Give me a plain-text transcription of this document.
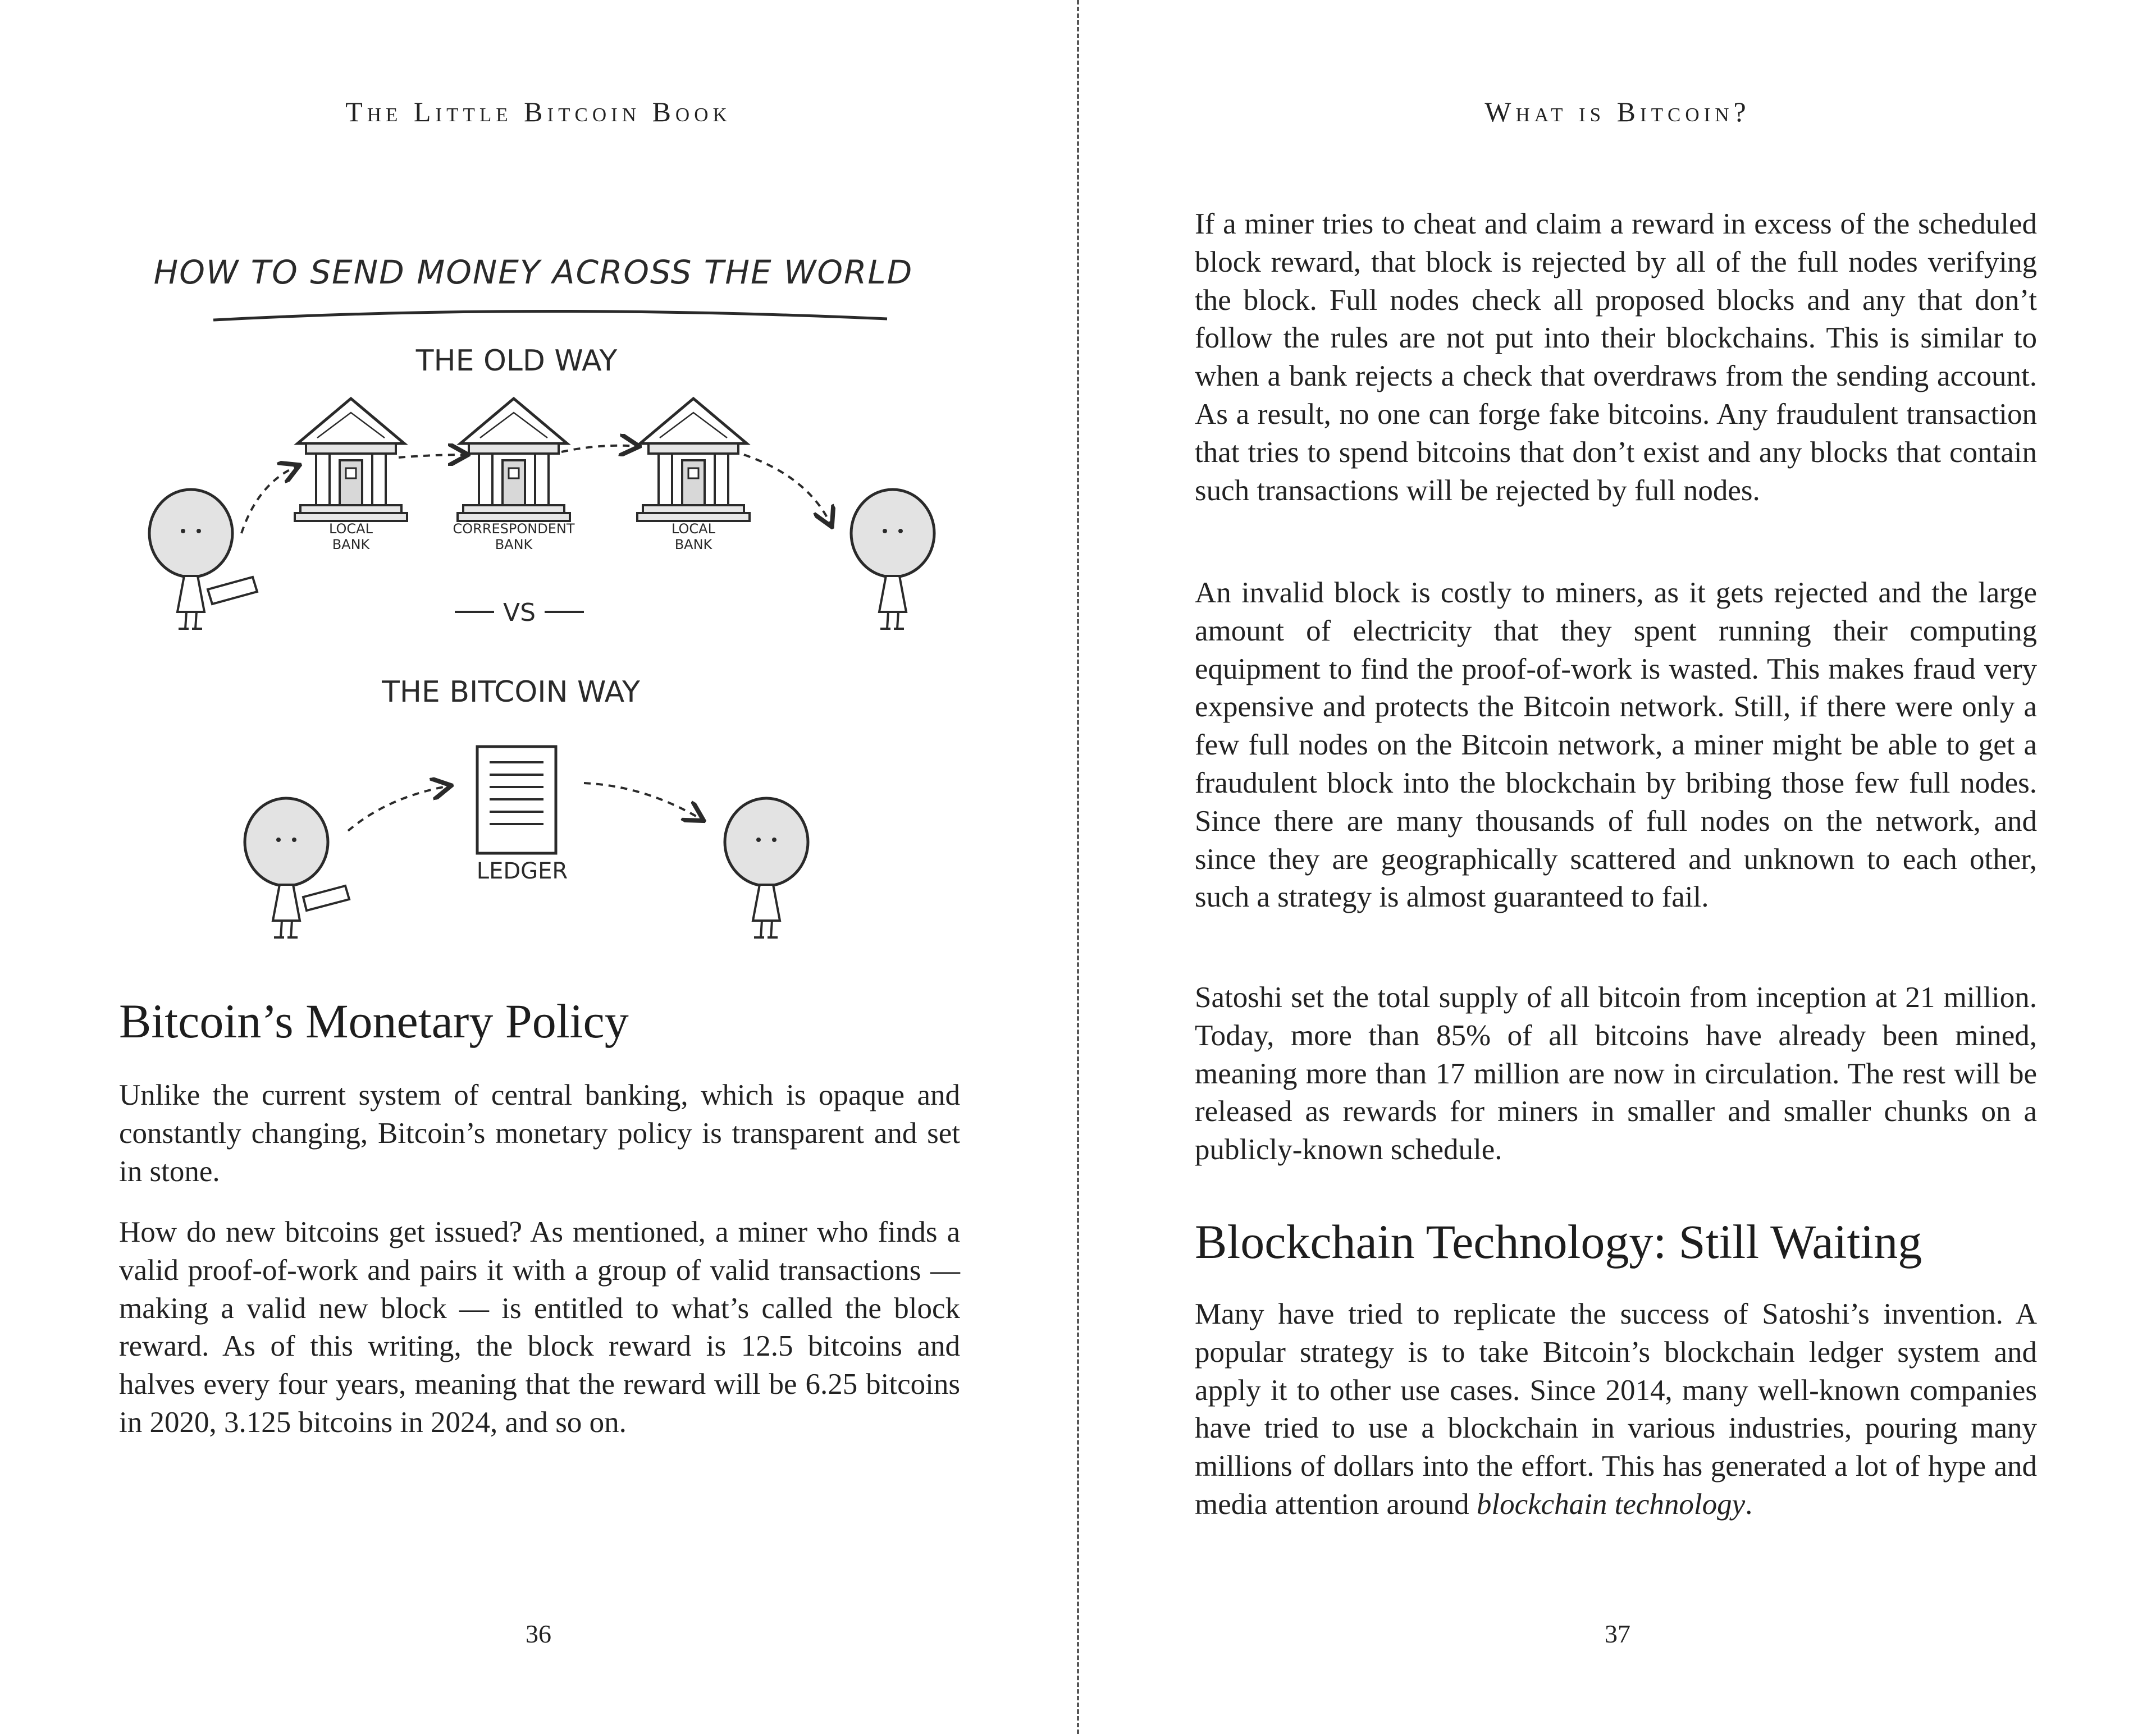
The Little Bitcoin Book
HOW TO SEND MONEY ACROSS THE WORLD
THE OLD WAY
LOCAL
BANK
CORRESPONDENT
BANK
LOCAL
BANK
VS
THE BITCOIN WAY
LEDGER
Bitcoin’s Monetary Policy

Unlike the current system of central banking, which is opaque and constantly changing, Bitcoin’s monetary policy is transparent and set in stone.

How do new bitcoins get issued? As mentioned, a miner who finds a valid proof-of-work and pairs it with a group of valid transactions — making a valid new block — is entitled to what’s called the block reward. As of this writing, the block reward is 12.5 bitcoins and halves every four years, meaning that the reward will be 6.25 bitcoins in 2020, 3.125 bitcoins in 2024, and so on.

36
What is Bitcoin?

If a miner tries to cheat and claim a reward in excess of the scheduled block reward, that block is rejected by all of the full nodes verifying the block. Full nodes check all proposed blocks and any that don’t follow the rules are not put into their blockchains. This is similar to when a bank rejects a check that overdraws from the sending account. As a result, no one can forge fake bitcoins. Any fraudulent transaction that tries to spend bitcoins that don’t exist and any blocks that contain such transactions will be rejected by full nodes.

An invalid block is costly to miners, as it gets rejected and the large amount of electricity that they spent running their computing equipment to find the proof-of-work is wasted. This makes fraud very expensive and protects the Bitcoin network. Still, if there were only a few full nodes on the Bitcoin network, a miner might be able to get a fraudulent block into the blockchain by bribing those few full nodes. Since there are many thousands of full nodes on the network, and since they are geographically scattered and unknown to each other, such a strategy is almost guaranteed to fail.

Satoshi set the total supply of all bitcoin from inception at 21 million. Today, more than 85% of all bitcoins have already been mined, meaning more than 17 million are now in circulation. The rest will be released as rewards for miners in smaller and smaller chunks on a publicly-known schedule.

Blockchain Technology: Still Waiting

Many have tried to replicate the success of Satoshi’s invention. A popular strategy is to take Bitcoin’s blockchain ledger system and apply it to other use cases. Since 2014, many well-known companies have tried to use a blockchain in various industries, pouring many millions of dollars into the effort. This has generated a lot of hype and media attention around blockchain technology.

37
